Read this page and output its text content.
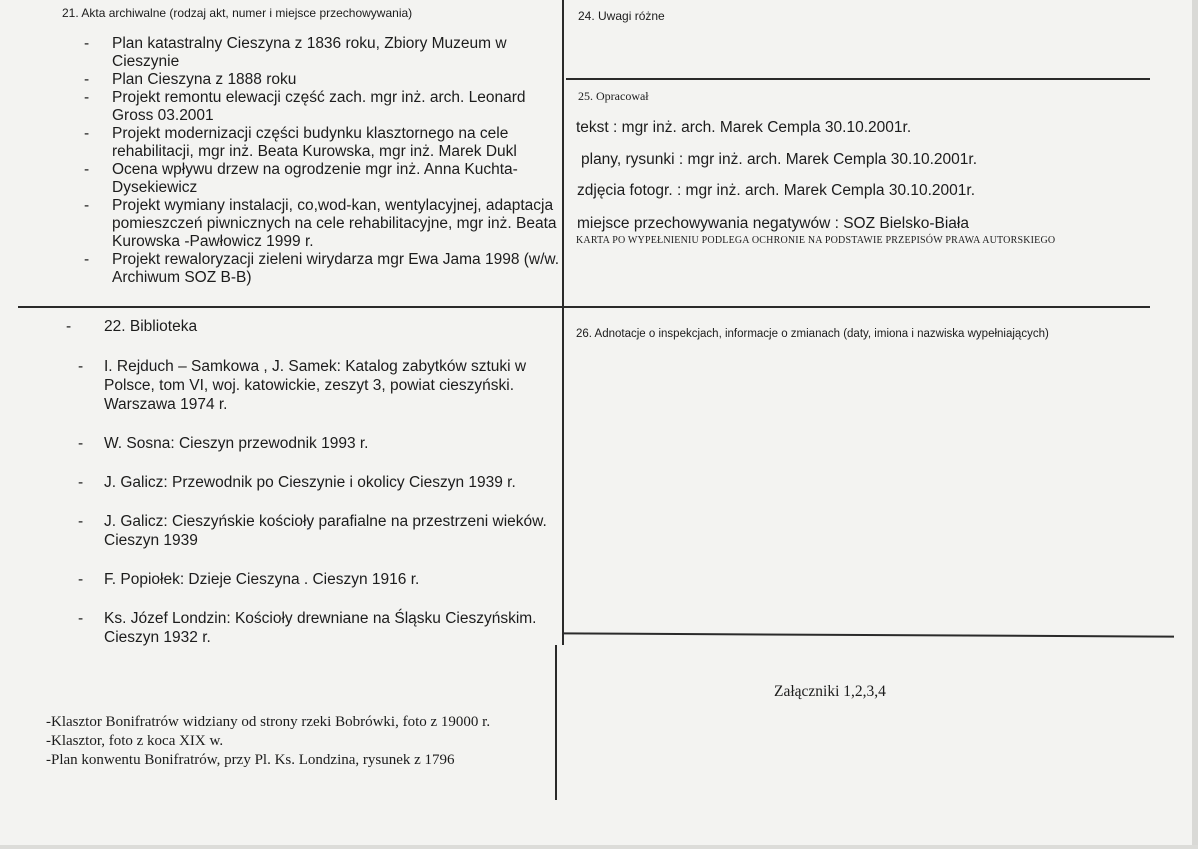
21. Akta archiwalne (rodzaj akt, numer i miejsce przechowywania)
- Plan katastralny Cieszyna z 1836 roku, Zbiory Muzeum w Cieszynie
- Plan Cieszyna z 1888 roku
- Projekt remontu elewacji część zach. mgr inż. arch. Leonard Gross 03.2001
- Projekt modernizacji części budynku klasztornego na cele rehabilitacji, mgr inż. Beata Kurowska, mgr inż. Marek Dukl
- Ocena wpływu drzew na ogrodzenie mgr inż. Anna Kuchta-Dysekiewicz
- Projekt wymiany instalacji, co,wod-kan, wentylacyjnej, adaptacja pomieszczeń piwnicznych na cele rehabilitacyjne, mgr inż. Beata Kurowska -Pawłowicz 1999 r.
- Projekt rewaloryzacji zieleni wirydarza mgr Ewa Jama 1998 (w/w. Archiwum SOZ B-B)
- 22. Biblioteka
- I. Rejduch – Samkowa , J. Samek: Katalog zabytków sztuki w Polsce, tom VI, woj. katowickie, zeszyt 3, powiat cieszyński. Warszawa 1974 r.
- W. Sosna: Cieszyn przewodnik 1993 r.
- J. Galicz: Przewodnik po Cieszynie i okolicy Cieszyn 1939 r.
- J. Galicz: Cieszyńskie kościoły parafialne na przestrzeni wieków. Cieszyn 1939
- F. Popiołek: Dzieje Cieszyna . Cieszyn 1916 r.
- Ks. Józef Londzin: Kościoły drewniane na Śląsku Cieszyńskim. Cieszyn 1932 r.
-Klasztor Bonifratrów widziany od strony rzeki Bobrówki, foto z 19000 r.
-Klasztor, foto z koca XIX w.
-Plan konwentu Bonifratrów, przy Pl. Ks. Londzina, rysunek z 1796
24. Uwagi różne
25. Opracował
tekst : mgr inż. arch. Marek Cempla 30.10.2001r.
plany, rysunki : mgr inż. arch. Marek Cempla 30.10.2001r.
zdjęcia fotogr. : mgr inż. arch. Marek Cempla 30.10.2001r.
miejsce przechowywania negatywów : SOZ Bielsko-Biała
KARTA PO WYPEŁNIENIU PODLEGA OCHRONIE NA PODSTAWIE PRZEPISÓW PRAWA AUTORSKIEGO
26. Adnotacje o inspekcjach, informacje o zmianach (daty, imiona i nazwiska wypełniających)
Załączniki 1,2,3,4
